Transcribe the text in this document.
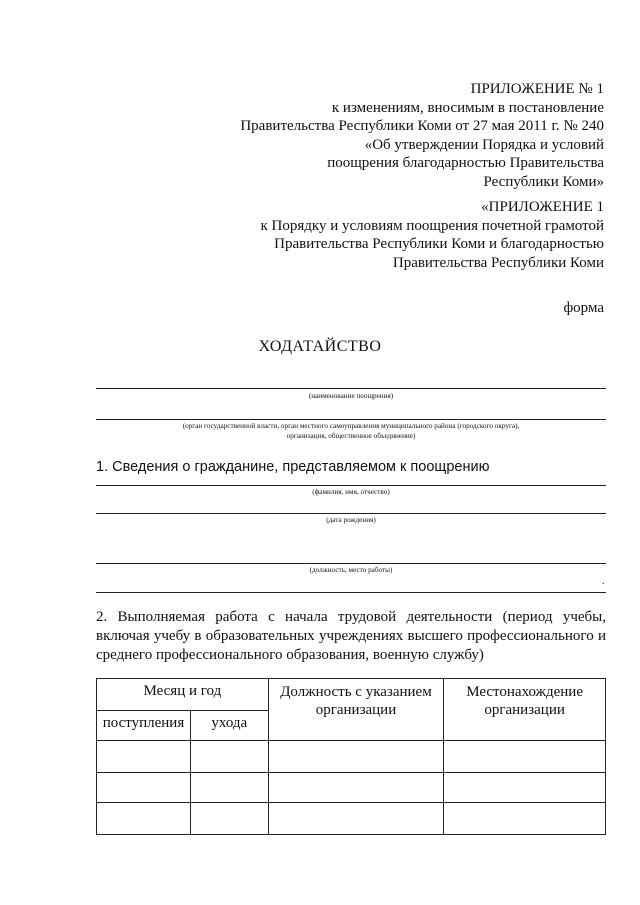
ПРИЛОЖЕНИЕ № 1
к изменениям, вносимым в постановление
Правительства Республики Коми от 27 мая 2011 г. № 240
«Об утверждении Порядка и условий
поощрения благодарностью Правительства
Республики Коми»
«ПРИЛОЖЕНИЕ 1
к Порядку и условиям поощрения почетной грамотой
Правительства Республики Коми и благодарностью
Правительства Республики Коми
форма
ХОДАТАЙСТВО
(наименование поощрения)
(орган государственной власти, орган местного самоуправления муниципального района (городского округа),
организация, общественное объединение)
1. Сведения о гражданине, представляемом к поощрению
(фамилия, имя, отчество)
(дата рождения)
(должность, место работы)
.
2. Выполняемая работа с начала трудовой деятельности (период учебы, включая учебу в образовательных учреждениях высшего профессионального и среднего профессионального образования, военную службу)
Месяц и год		Должность с указанием организации	Местонахождение организации
поступления	ухода		
